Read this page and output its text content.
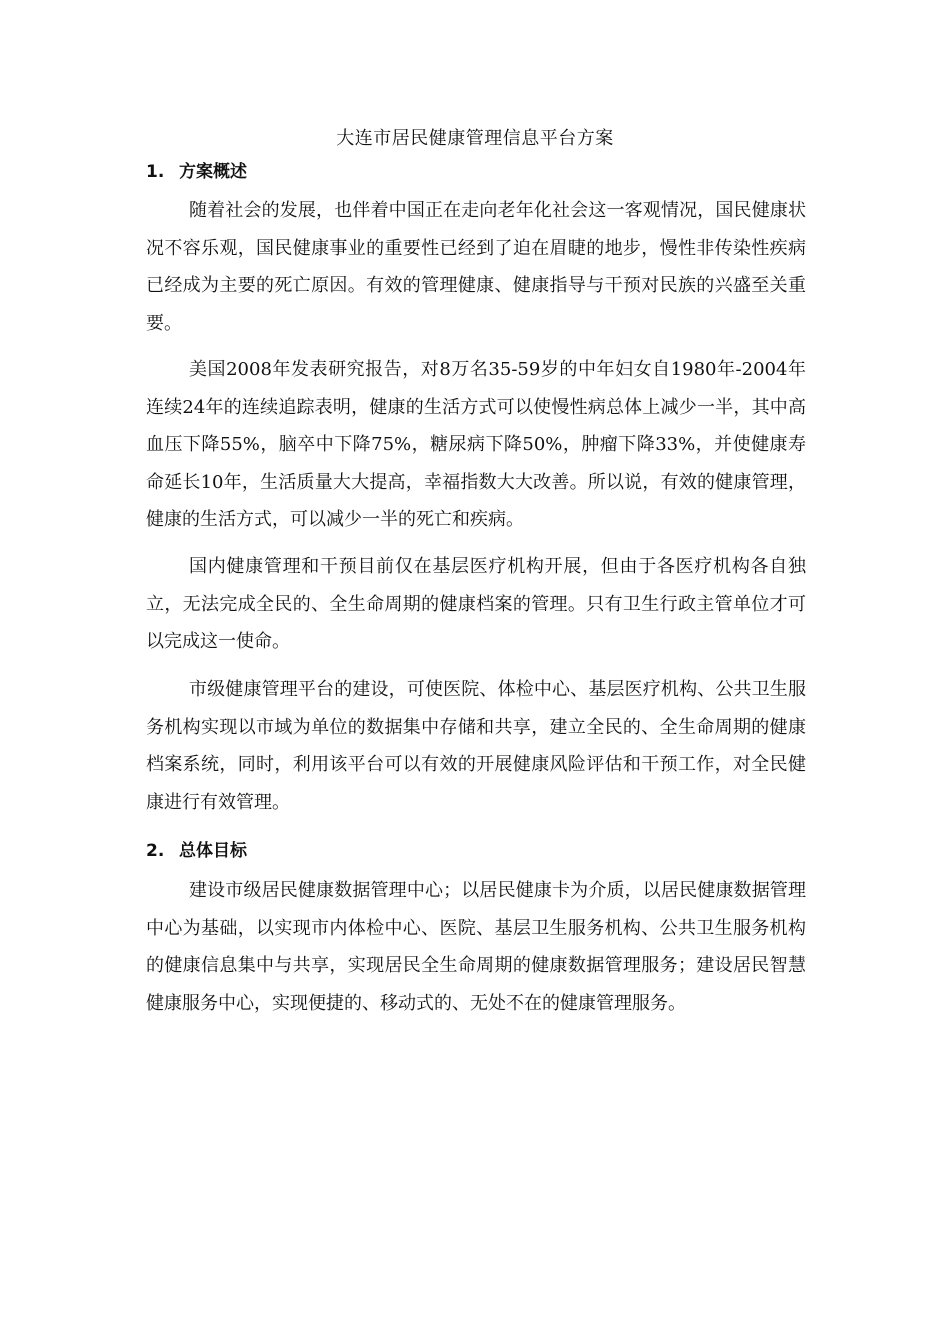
大连市居民健康管理信息平台方案
1. 方案概述

随着社会的发展，也伴着中国正在走向老年化社会这一客观情况，国民健康状况不容乐观，国民健康事业的重要性已经到了迫在眉睫的地步，慢性非传染性疾病已经成为主要的死亡原因。有效的管理健康、健康指导与干预对民族的兴盛至关重要。

美国2008年发表研究报告，对8万名35-59岁的中年妇女自1980年-2004年连续24年的连续追踪表明，健康的生活方式可以使慢性病总体上减少一半，其中高血压下降55%，脑卒中下降75%，糖尿病下降50%，肿瘤下降33%，并使健康寿命延长10年，生活质量大大提高，幸福指数大大改善。所以说，有效的健康管理，健康的生活方式，可以减少一半的死亡和疾病。

国内健康管理和干预目前仅在基层医疗机构开展，但由于各医疗机构各自独立，无法完成全民的、全生命周期的健康档案的管理。只有卫生行政主管单位才可以完成这一使命。

市级健康管理平台的建设，可使医院、体检中心、基层医疗机构、公共卫生服务机构实现以市域为单位的数据集中存储和共享，建立全民的、全生命周期的健康档案系统，同时，利用该平台可以有效的开展健康风险评估和干预工作，对全民健康进行有效管理。

2. 总体目标

建设市级居民健康数据管理中心；以居民健康卡为介质，以居民健康数据管理中心为基础，以实现市内体检中心、医院、基层卫生服务机构、公共卫生服务机构的健康信息集中与共享，实现居民全生命周期的健康数据管理服务；建设居民智慧健康服务中心，实现便捷的、移动式的、无处不在的健康管理服务。
